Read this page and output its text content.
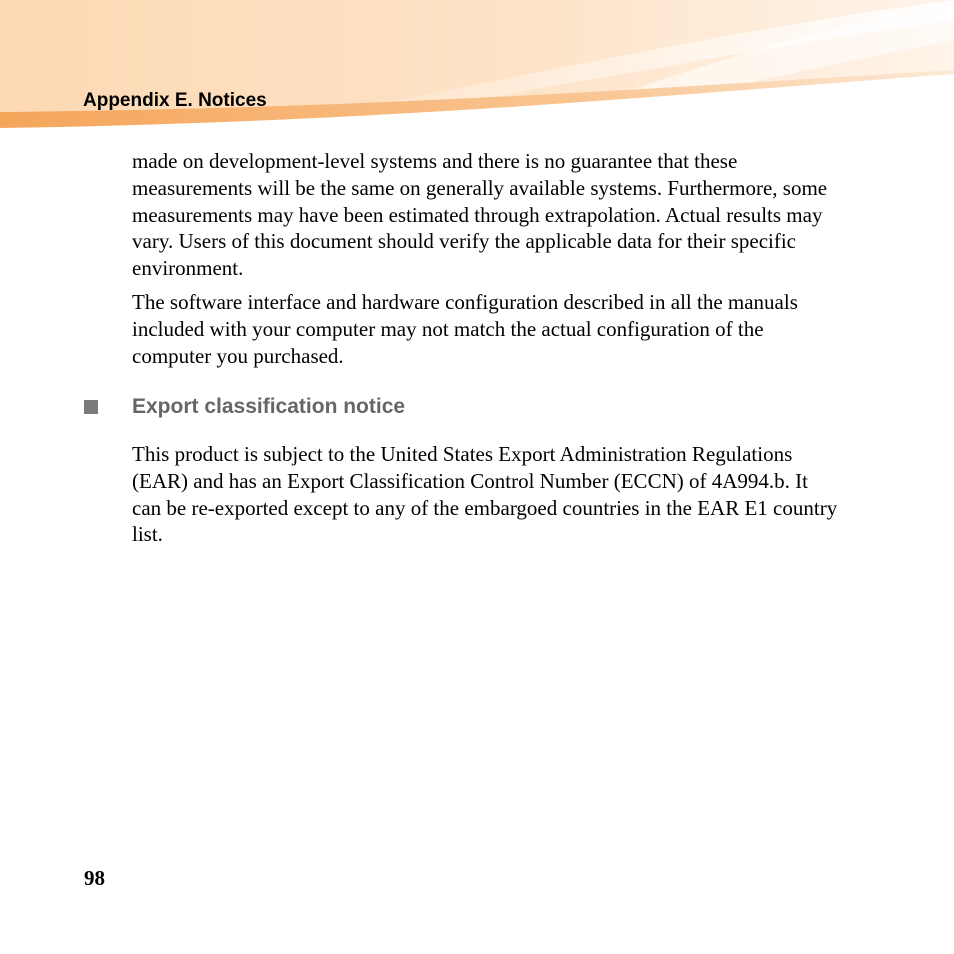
Appendix E. Notices

made on development-level systems and there is no guarantee that these measurements will be the same on generally available systems. Furthermore, some measurements may have been estimated through extrapolation. Actual results may vary. Users of this document should verify the applicable data for their specific environment.

The software interface and hardware configuration described in all the manuals included with your computer may not match the actual configuration of the computer you purchased.

Export classification notice

This product is subject to the United States Export Administration Regulations (EAR) and has an Export Classification Control Number (ECCN) of 4A994.b. It can be re-exported except to any of the embargoed countries in the EAR E1 country list.

98
